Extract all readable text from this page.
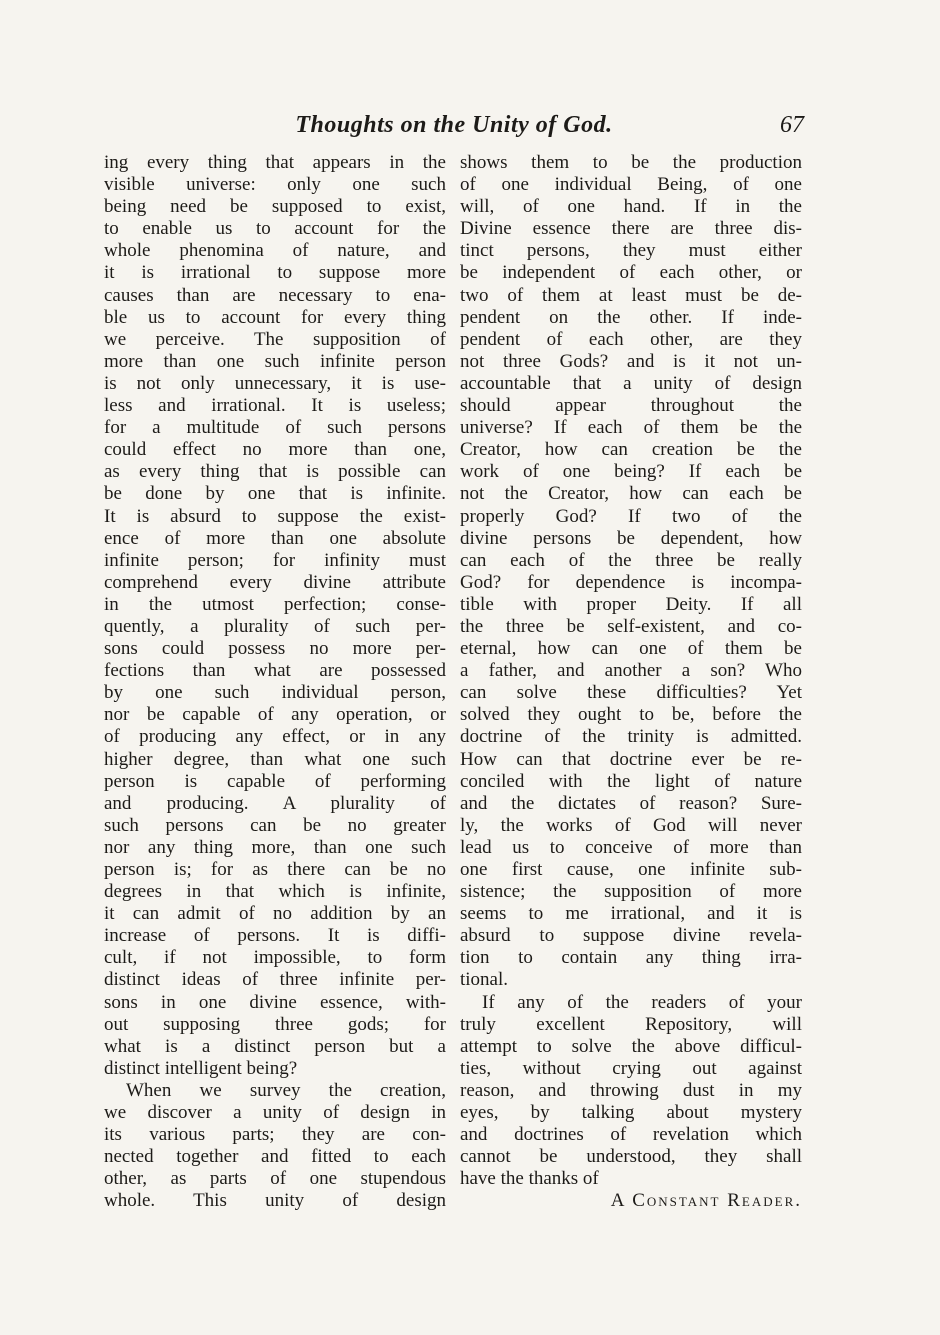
Thoughts on the Unity of God.	67
ing every thing that appears in the
visible universe: only one such
being need be supposed to exist,
to enable us to account for the
whole phenomina of nature, and
it is irrational to suppose more
causes than are necessary to ena-
ble us to account for every thing
we perceive. The supposition of
more than one such infinite person
is not only unnecessary, it is use-
less and irrational. It is useless;
for a multitude of such persons
could effect no more than one,
as every thing that is possible can
be done by one that is infinite.
It is absurd to suppose the exist-
ence of more than one absolute
infinite person; for infinity must
comprehend every divine attribute
in the utmost perfection; conse-
quently, a plurality of such per-
sons could possess no more per-
fections than what are possessed
by one such individual person,
nor be capable of any operation, or
of producing any effect, or in any
higher degree, than what one such
person is capable of performing
and producing. A plurality of
such persons can be no greater
nor any thing more, than one such
person is; for as there can be no
degrees in that which is infinite,
it can admit of no addition by an
increase of persons. It is diffi-
cult, if not impossible, to form
distinct ideas of three infinite per-
sons in one divine essence, with-
out supposing three gods; for
what is a distinct person but a
distinct intelligent being?
When we survey the creation,
we discover a unity of design in
its various parts; they are con-
nected together and fitted to each
other, as parts of one stupendous
whole. This unity of design
shows them to be the production
of one individual Being, of one
will, of one hand. If in the
Divine essence there are three dis-
tinct persons, they must either
be independent of each other, or
two of them at least must be de-
pendent on the other. If inde-
pendent of each other, are they
not three Gods? and is it not un-
accountable that a unity of design
should appear throughout the
universe? If each of them be the
Creator, how can creation be the
work of one being? If each be
not the Creator, how can each be
properly God? If two of the
divine persons be dependent, how
can each of the three be really
God? for dependence is incompa-
tible with proper Deity. If all
the three be self-existent, and co-
eternal, how can one of them be
a father, and another a son? Who
can solve these difficulties? Yet
solved they ought to be, before the
doctrine of the trinity is admitted.
How can that doctrine ever be re-
conciled with the light of nature
and the dictates of reason? Sure-
ly, the works of God will never
lead us to conceive of more than
one first cause, one infinite sub-
sistence; the supposition of more
seems to me irrational, and it is
absurd to suppose divine revela-
tion to contain any thing irra-
tional.
If any of the readers of your
truly excellent Repository, will
attempt to solve the above difficul-
ties, without crying out against
reason, and throwing dust in my
eyes, by talking about mystery
and doctrines of revelation which
cannot be understood, they shall
have the thanks of
A Constant Reader.
